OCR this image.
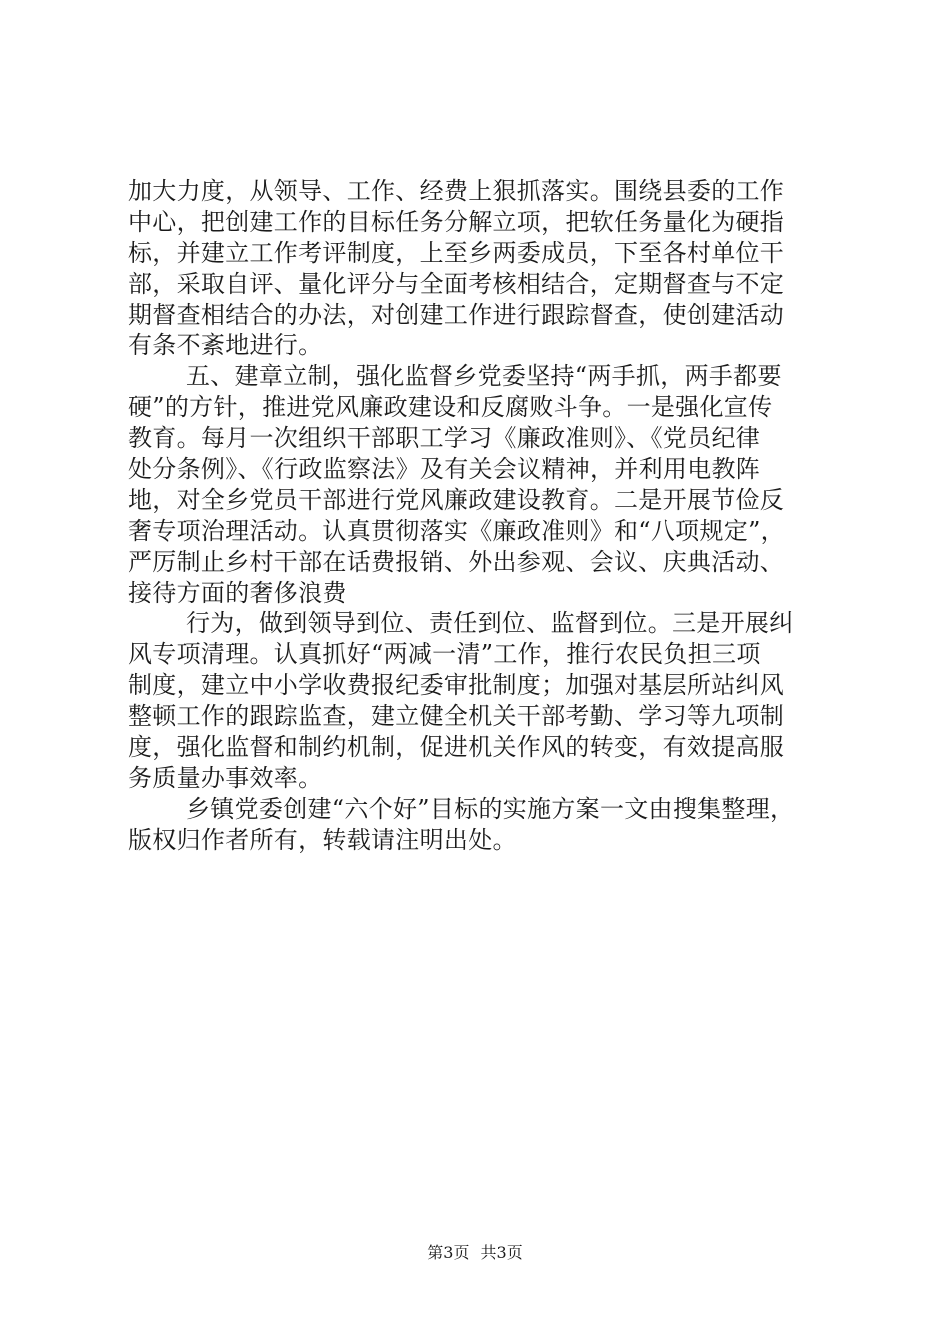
加大力度，从领导、工作、经费上狠抓落实。围绕县委的工作
中心，把创建工作的目标任务分解立项，把软任务量化为硬指
标，并建立工作考评制度，上至乡两委成员，下至各村单位干
部，采取自评、量化评分与全面考核相结合，定期督查与不定
期督查相结合的办法，对创建工作进行跟踪督查，使创建活动
有条不紊地进行。
五、建章立制，强化监督乡党委坚持“两手抓，两手都要
硬”的方针，推进党风廉政建设和反腐败斗争。一是强化宣传
教育。每月一次组织干部职工学习《廉政准则》、《党员纪律
处分条例》、《行政监察法》及有关会议精神，并利用电教阵
地，对全乡党员干部进行党风廉政建设教育。二是开展节俭反
奢专项治理活动。认真贯彻落实《廉政准则》和“八项规定”，
严厉制止乡村干部在话费报销、外出参观、会议、庆典活动、
接待方面的奢侈浪费
行为，做到领导到位、责任到位、监督到位。三是开展纠
风专项清理。认真抓好“两减一清”工作，推行农民负担三项
制度，建立中小学收费报纪委审批制度；加强对基层所站纠风
整顿工作的跟踪监查，建立健全机关干部考勤、学习等九项制
度，强化监督和制约机制，促进机关作风的转变，有效提高服
务质量办事效率。
乡镇党委创建“六个好”目标的实施方案一文由搜集整理，
版权归作者所有，转载请注明出处。
第3页 共3页
